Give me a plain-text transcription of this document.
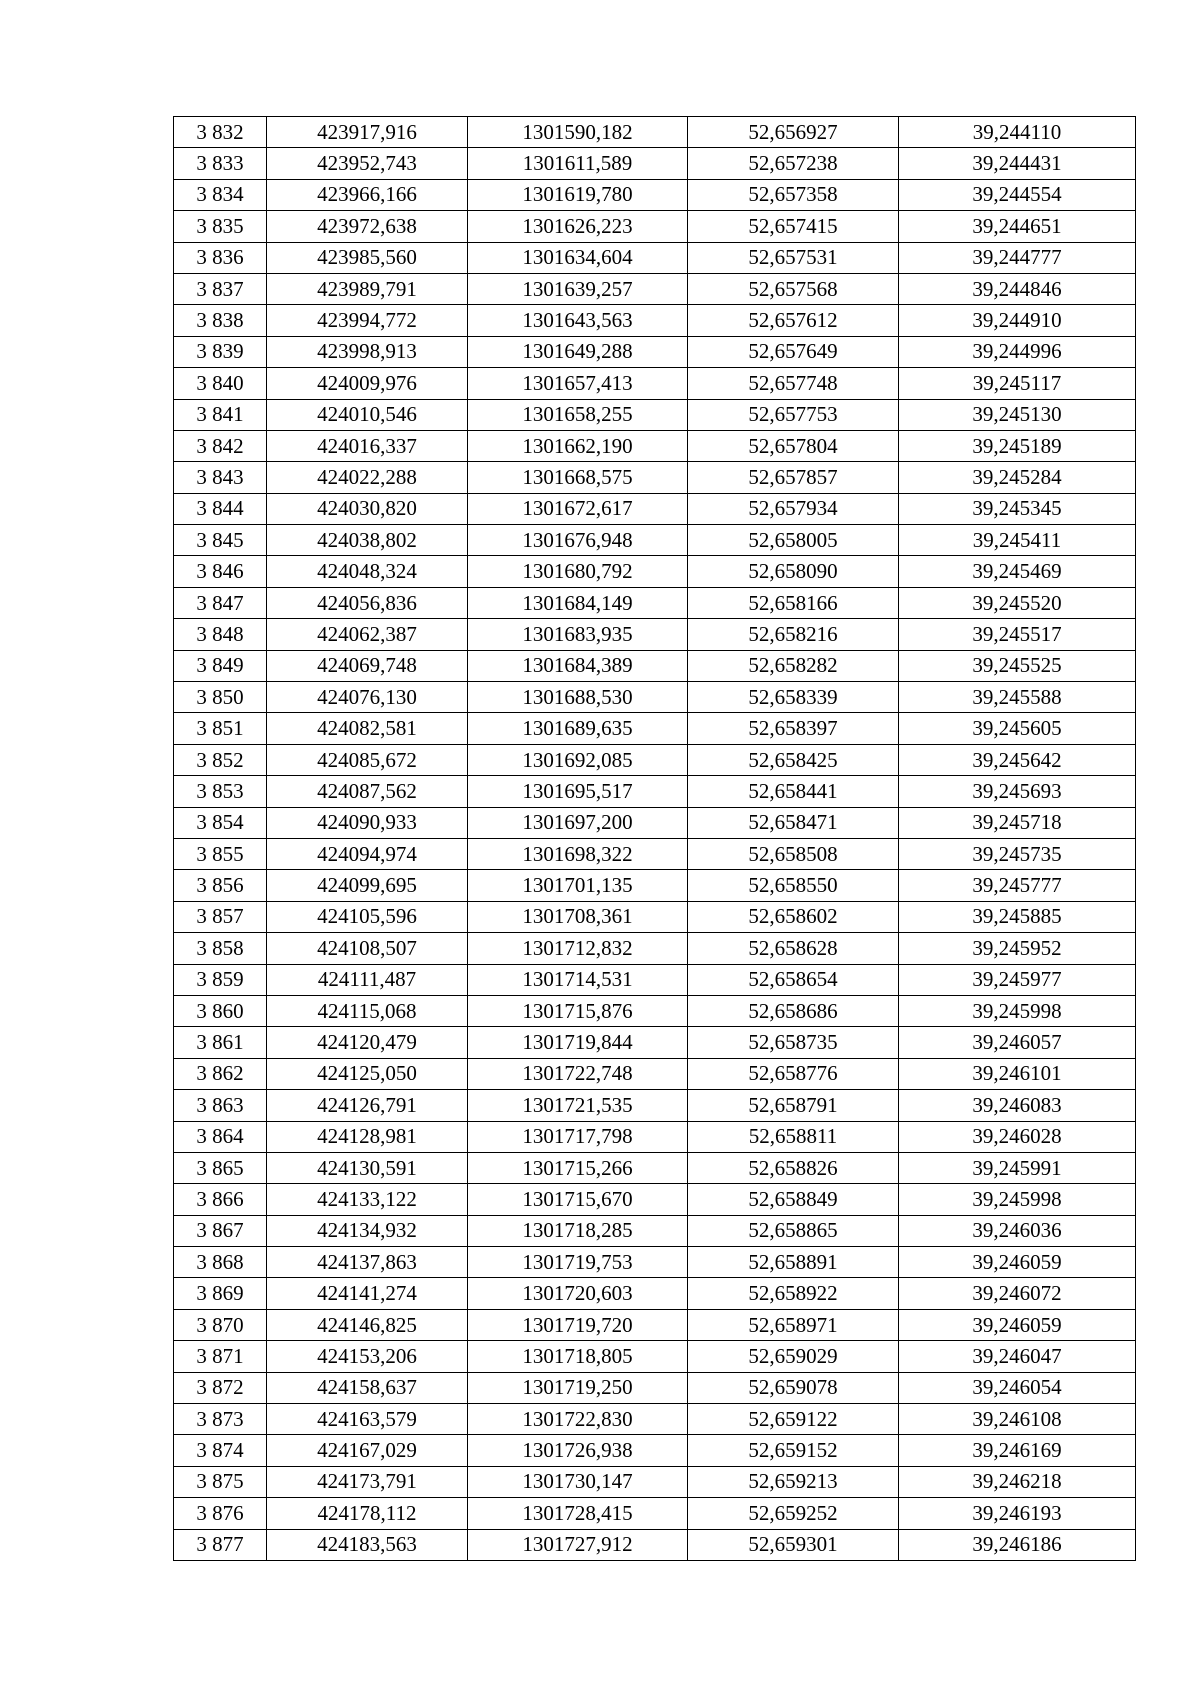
3 832	423917,916	1301590,182	52,656927	39,244110
3 833	423952,743	1301611,589	52,657238	39,244431
3 834	423966,166	1301619,780	52,657358	39,244554
3 835	423972,638	1301626,223	52,657415	39,244651
3 836	423985,560	1301634,604	52,657531	39,244777
3 837	423989,791	1301639,257	52,657568	39,244846
3 838	423994,772	1301643,563	52,657612	39,244910
3 839	423998,913	1301649,288	52,657649	39,244996
3 840	424009,976	1301657,413	52,657748	39,245117
3 841	424010,546	1301658,255	52,657753	39,245130
3 842	424016,337	1301662,190	52,657804	39,245189
3 843	424022,288	1301668,575	52,657857	39,245284
3 844	424030,820	1301672,617	52,657934	39,245345
3 845	424038,802	1301676,948	52,658005	39,245411
3 846	424048,324	1301680,792	52,658090	39,245469
3 847	424056,836	1301684,149	52,658166	39,245520
3 848	424062,387	1301683,935	52,658216	39,245517
3 849	424069,748	1301684,389	52,658282	39,245525
3 850	424076,130	1301688,530	52,658339	39,245588
3 851	424082,581	1301689,635	52,658397	39,245605
3 852	424085,672	1301692,085	52,658425	39,245642
3 853	424087,562	1301695,517	52,658441	39,245693
3 854	424090,933	1301697,200	52,658471	39,245718
3 855	424094,974	1301698,322	52,658508	39,245735
3 856	424099,695	1301701,135	52,658550	39,245777
3 857	424105,596	1301708,361	52,658602	39,245885
3 858	424108,507	1301712,832	52,658628	39,245952
3 859	424111,487	1301714,531	52,658654	39,245977
3 860	424115,068	1301715,876	52,658686	39,245998
3 861	424120,479	1301719,844	52,658735	39,246057
3 862	424125,050	1301722,748	52,658776	39,246101
3 863	424126,791	1301721,535	52,658791	39,246083
3 864	424128,981	1301717,798	52,658811	39,246028
3 865	424130,591	1301715,266	52,658826	39,245991
3 866	424133,122	1301715,670	52,658849	39,245998
3 867	424134,932	1301718,285	52,658865	39,246036
3 868	424137,863	1301719,753	52,658891	39,246059
3 869	424141,274	1301720,603	52,658922	39,246072
3 870	424146,825	1301719,720	52,658971	39,246059
3 871	424153,206	1301718,805	52,659029	39,246047
3 872	424158,637	1301719,250	52,659078	39,246054
3 873	424163,579	1301722,830	52,659122	39,246108
3 874	424167,029	1301726,938	52,659152	39,246169
3 875	424173,791	1301730,147	52,659213	39,246218
3 876	424178,112	1301728,415	52,659252	39,246193
3 877	424183,563	1301727,912	52,659301	39,246186
